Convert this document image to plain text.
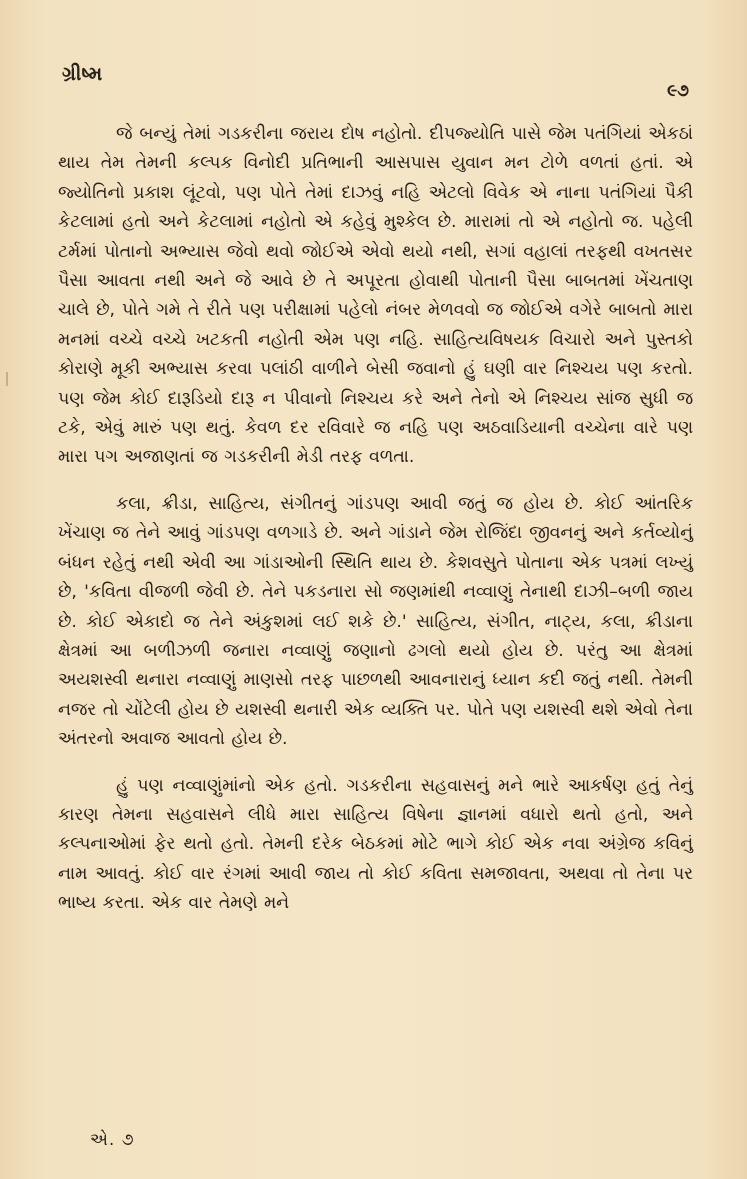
ગ્રીષ્મ
૯૭

જે બન્યું તેમાં ગડકરીના જરાય દોષ નહોતો. દીપજ્યોતિ પાસે જેમ પતંગિયાં એકઠાં થાય તેમ તેમની કલ્પક વિનોદી પ્રતિભાની આસપાસ યુવાન મન ટોળે વળતાં હતાં. એ જ્યોતિનો પ્રકાશ લૂંટવો, પણ પોતે તેમાં દાઝવું નહિ એટલો વિવેક એ નાના પતંગિયાં પૈકી કેટલામાં હતો અને કેટલામાં નહોતો એ કહેવું મુશ્કેલ છે. મારામાં તો એ નહોતો જ. પહેલી ટર્મમાં પોતાનો અભ્યાસ જેવો થવો જોઈએ એવો થયો નથી, સગાં વહાલાં તરફથી વખતસર પૈસા આવતા નથી અને જે આવે છે તે અપૂરતા હોવાથી પોતાની પૈસા બાબતમાં ખેંચતાણ ચાલે છે, પોતે ગમે તે રીતે પણ પરીક્ષામાં પહેલો નંબર મેળવવો જ જોઈએ વગેરે બાબતો મારા મનમાં વચ્ચે વચ્ચે ખટકતી નહોતી એમ પણ નહિ. સાહિત્યવિષયક વિચારો અને પુસ્તકો કોરાણે મૂકી અભ્યાસ કરવા પલાંઠી વાળીને બેસી જવાનો હું ઘણી વાર નિશ્ચય પણ કરતો. પણ જેમ કોઈ દારૂડિયો દારૂ ન પીવાનો નિશ્ચય કરે અને તેનો એ નિશ્ચય સાંજ સુધી જ ટકે, એવું મારું પણ થતું. કેવળ દર રવિવારે જ નહિ પણ અઠવાડિયાની વચ્ચેના વારે પણ મારા પગ અજાણતાં જ ગડકરીની મેડી તરફ વળતા.

કલા, ક્રીડા, સાહિત્ય, સંગીતનું ગાંડપણ આવી જતું જ હોય છે. કોઈ આંતરિક ખેંચાણ જ તેને આવું ગાંડપણ વળગાડે છે. અને ગાંડાને જેમ રોજિંદા જીવનનું અને કર્તવ્યોનું બંધન રહેતું નથી એવી આ ગાંડાઓની સ્થિતિ થાય છે. કેશવસુતે પોતાના એક પત્રમાં લખ્યું છે, 'કવિતા વીજળી જેવી છે. તેને પકડનારા સો જણમાંથી નવ્વાણું તેનાથી દાઝી–બળી જાય છે. કોઈ એકાદો જ તેને અંકુશમાં લઈ શકે છે.' સાહિત્ય, સંગીત, નાટ્ય, કલા, ક્રીડાના ક્ષેત્રમાં આ બળીઝળી જનારા નવ્વાણું જણાનો ઢગલો થયો હોય છે. પરંતુ આ ક્ષેત્રમાં અયશસ્વી થનારા નવ્વાણું માણસો તરફ પાછળથી આવનારાનું ધ્યાન કદી જતું નથી. તેમની નજર તો ચોંટેલી હોય છે યશસ્વી થનારી એક વ્યક્તિ પર. પોતે પણ યશસ્વી થશે એવો તેના અંતરનો અવાજ આવતો હોય છે.

હું પણ નવ્વાણુંમાંનો એક હતો. ગડકરીના સહવાસનું મને ભારે આકર્ષણ હતું તેનું કારણ તેમના સહવાસને લીધે મારા સાહિત્ય વિષેના જ્ઞાનમાં વધારો થતો હતો, અને કલ્પનાઓમાં ફેર થતો હતો. તેમની દરેક બેઠકમાં મોટે ભાગે કોઈ એક નવા અંગ્રેજ કવિનું નામ આવતું. કોઈ વાર રંગમાં આવી જાય તો કોઈ કવિતા સમજાવતા, અથવા તો તેના પર ભાષ્ય કરતા. એક વાર તેમણે મને

એ. ૭
